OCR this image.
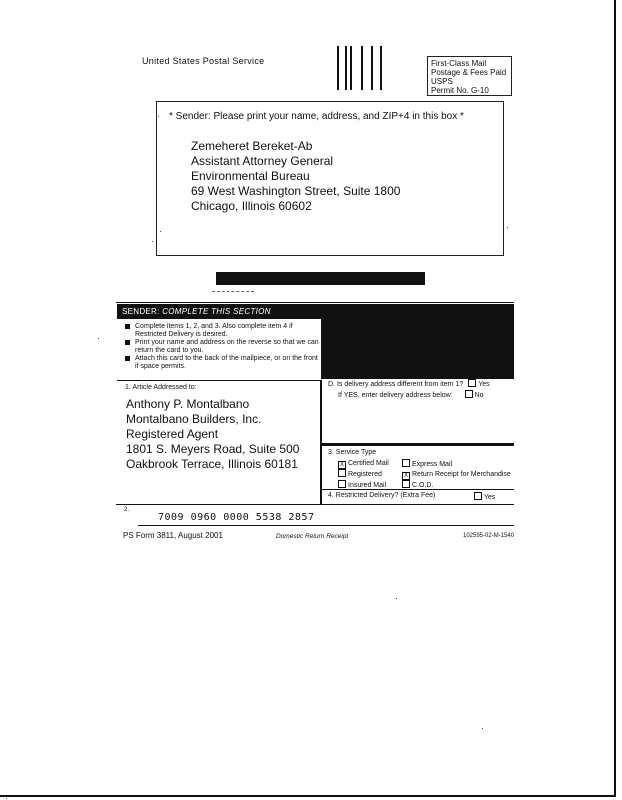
United States Postal Service	First-Class Mail
Postage & Fees Paid
USPS
Permit No. G-10
* Sender: Please print your name, address, and ZIP+4 in this box *
Zemeheret Bereket-Ab
Assistant Attorney General
Environmental Bureau
69 West Washington Street, Suite 1800
Chicago, Illinois 60602
SENDER: COMPLETE THIS SECTION
Complete items 1, 2, and 3. Also complete item 4 if Restricted Delivery is desired.
Print your name and address on the reverse so that we can return the card to you.
Attach this card to the back of the mailpiece, or on the front if space permits.
1. Article Addressed to:
Anthony P. Montalbano
Montalbano Builders, Inc.
Registered Agent
1801 S. Meyers Road, Suite 500
Oakbrook Terrace, Illinois 60181
D. Is delivery address different from item 1? Yes
If YES, enter delivery address below:	No
3. Service Type
X Certified Mail
Registered
Insured Mail
Express Mail
X Return Receipt for Merchandise
C.O.D.
4. Restricted Delivery? (Extra Fee)	Yes
2.
7009 0960 0000 5538 2857
PS Form 3811, August 2001	Domestic Return Receipt	102595-02-M-1540
